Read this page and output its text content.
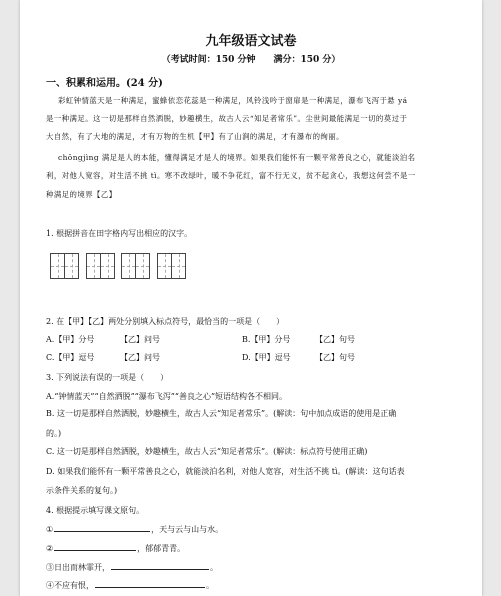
九年级语文试卷
（考试时间：150 分钟　　满分：150 分）
一、积累和运用。(24 分)
彩虹钟情蓝天是一种满足，蜜蜂依恋花蕊是一种满足，风铃浅吟于窗扉是一种满足，瀑布飞泻于悬 yá
是一种满足。这一切是那样自然洒脱，妙趣横生，故古人云“知足者常乐”。尘世间最能满足一切的莫过于
大自然，有了大地的满足，才有万物的生机【甲】有了山涧的满足，才有瀑布的绚丽。
chōngjìng 满足是人的本能，懂得满足才是人的境界。如果我们能怀有一颗平常善良之心，就能淡泊名
利，对他人宽容，对生活不挑 tì。寒不改绿叶，暖不争花红，富不行无义，贫不起贪心，我想这何尝不是一
种满足的境界【乙】
1. 根据拼音在田字格内写出相应的汉字。
2. 在【甲】【乙】两处分别填入标点符号，最恰当的一项是（　　）
A.【甲】分号	【乙】问号	B.【甲】分号	【乙】句号
C.【甲】逗号	【乙】问号	D.【甲】逗号	【乙】句号
3. 下列说法有误的一项是（　　）
A.“钟情蓝天”“自然洒脱”“瀑布飞泻”“善良之心”短语结构各不相同。
B. 这一切是那样自然洒脱，妙趣横生，故古人云“知足者常乐”。(解读：句中加点成语的使用是正确
的。)
C. 这一切是那样自然洒脱，妙趣横生，故古人云“知足者常乐”。(解读：标点符号使用正确)
D. 如果我们能怀有一颗平常善良之心，就能淡泊名利，对他人宽容，对生活不挑 tì。(解读：这句话表
示条件关系的复句。)
4. 根据提示填写课文原句。
①	，天与云与山与水。
②	，郁郁青青。
③日出而林霏开，	。
④不应有恨，	。
